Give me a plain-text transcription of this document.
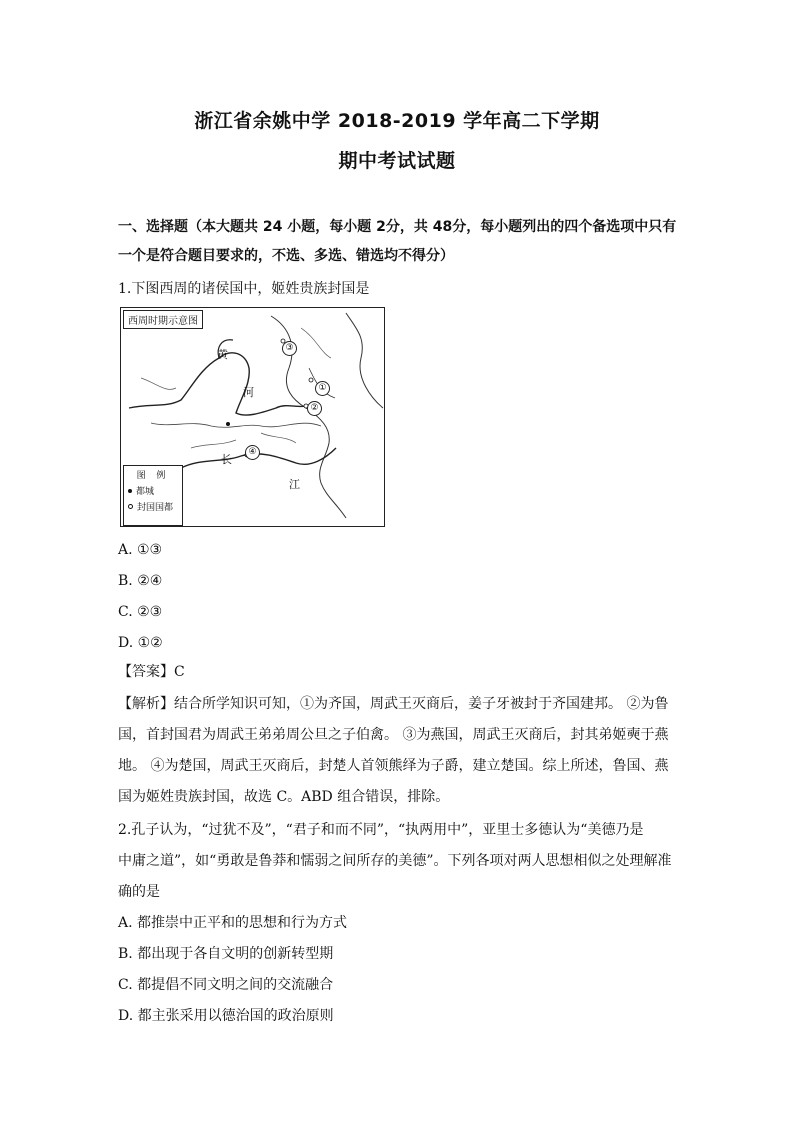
浙江省余姚中学 2018-2019 学年高二下学期
期中考试试题
一、选择题（本大题共 24 小题，每小题 2分，共 48分，每小题列出的四个备选项中只有
一个是符合题目要求的，不选、多选、错选均不得分）
1.下图西周的诸侯国中，姬姓贵族封国是
西周时期示意图
黄
河
长
江
①
②
③
④
图 例
都城
封国国都
A. ①③
B. ②④
C. ②③
D. ①②
【答案】C
【解析】结合所学知识可知，①为齐国，周武王灭商后，姜子牙被封于齐国建邦。 ②为鲁
国，首封国君为周武王弟弟周公旦之子伯禽。 ③为燕国，周武王灭商后，封其弟姬奭于燕
地。 ④为楚国，周武王灭商后，封楚人首领熊绎为子爵，建立楚国。综上所述，鲁国、燕
国为姬姓贵族封国，故选 C。ABD 组合错误，排除。
2.孔子认为，“过犹不及”，“君子和而不同”，“执两用中”，亚里士多德认为“美德乃是
中庸之道”，如“勇敢是鲁莽和懦弱之间所存的美德”。下列各项对两人思想相似之处理解准
确的是
A. 都推崇中正平和的思想和行为方式
B. 都出现于各自文明的创新转型期
C. 都提倡不同文明之间的交流融合
D. 都主张采用以德治国的政治原则
